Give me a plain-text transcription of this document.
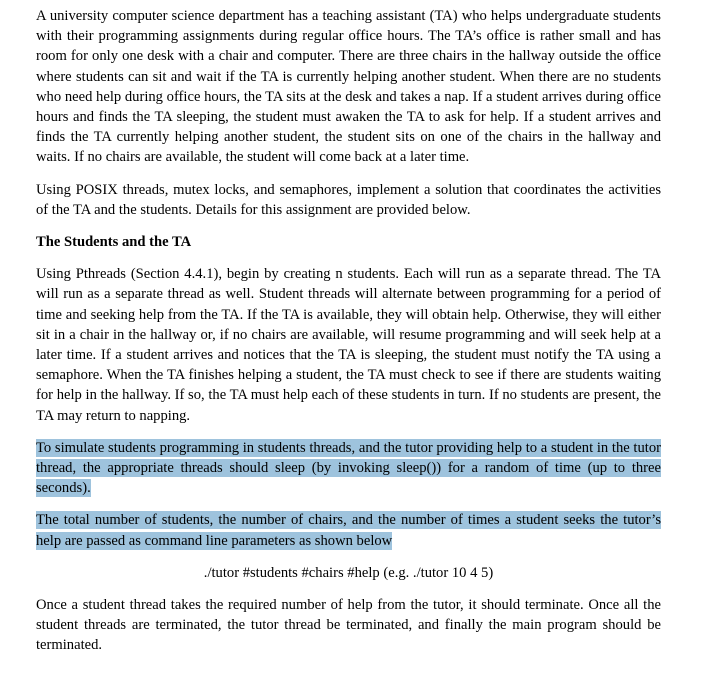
A university computer science department has a teaching assistant (TA) who helps undergraduate students with their programming assignments during regular office hours. The TA’s office is rather small and has room for only one desk with a chair and computer. There are three chairs in the hallway outside the office where students can sit and wait if the TA is currently helping another student. When there are no students who need help during office hours, the TA sits at the desk and takes a nap. If a student arrives during office hours and finds the TA sleeping, the student must awaken the TA to ask for help. If a student arrives and finds the TA currently helping another student, the student sits on one of the chairs in the hallway and waits. If no chairs are available, the student will come back at a later time.

Using POSIX threads, mutex locks, and semaphores, implement a solution that coordinates the activities of the TA and the students. Details for this assignment are provided below.

The Students and the TA

Using Pthreads (Section 4.4.1), begin by creating n students. Each will run as a separate thread. The TA will run as a separate thread as well. Student threads will alternate between programming for a period of time and seeking help from the TA. If the TA is available, they will obtain help. Otherwise, they will either sit in a chair in the hallway or, if no chairs are available, will resume programming and will seek help at a later time. If a student arrives and notices that the TA is sleeping, the student must notify the TA using a semaphore. When the TA finishes helping a student, the TA must check to see if there are students waiting for help in the hallway. If so, the TA must help each of these students in turn. If no students are present, the TA may return to napping.

To simulate students programming in students threads, and the tutor providing help to a student in the tutor thread, the appropriate threads should sleep (by invoking sleep()) for a random of time (up to three seconds).

The total number of students, the number of chairs, and the number of times a student seeks the tutor’s help are passed as command line parameters as shown below

./tutor #students #chairs #help (e.g. ./tutor 10 4 5)

Once a student thread takes the required number of help from the tutor, it should terminate. Once all the student threads are terminated, the tutor thread be terminated, and finally the main program should be terminated.
